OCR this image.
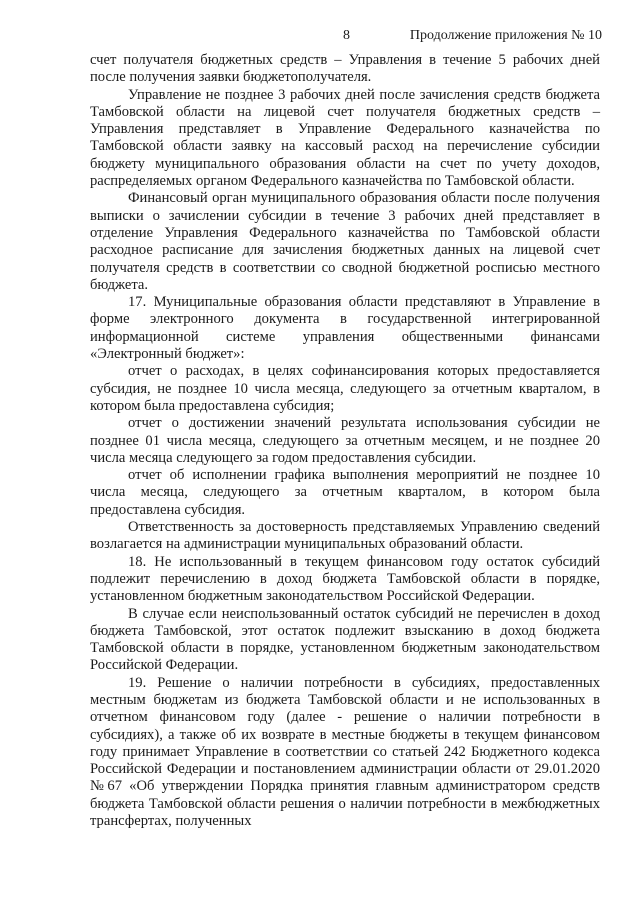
8	Продолжение приложения № 10

счет получателя бюджетных средств – Управления в течение 5 рабочих дней после получения заявки бюджетополучателя.

Управление не позднее 3 рабочих дней после зачисления средств бюджета Тамбовской области на лицевой счет получателя бюджетных средств – Управления представляет в Управление Федерального казначейства по Тамбовской области заявку на кассовый расход на перечисление субсидии бюджету муниципального образования области на счет по учету доходов, распределяемых органом Федерального казначейства по Тамбовской области.

Финансовый орган муниципального образования области после получения выписки о зачислении субсидии в течение 3 рабочих дней представляет в отделение Управления Федерального казначейства по Тамбовской области расходное расписание для зачисления бюджетных данных на лицевой счет получателя средств в соответствии со сводной бюджетной росписью местного бюджета.

17. Муниципальные образования области представляют в Управление в форме электронного документа в государственной интегрированной информационной системе управления общественными финансами «Электронный бюджет»:

отчет о расходах, в целях софинансирования которых предоставляется субсидия, не позднее 10 числа месяца, следующего за отчетным кварталом, в котором была предоставлена субсидия;

отчет о достижении значений результата использования субсидии не позднее 01 числа месяца, следующего за отчетным месяцем, и не позднее 20 числа месяца следующего за годом предоставления субсидии.

отчет об исполнении графика выполнения мероприятий не позднее 10 числа месяца, следующего за отчетным кварталом, в котором была предоставлена субсидия.

Ответственность за достоверность представляемых Управлению сведений возлагается на администрации муниципальных образований области.

18. Не использованный в текущем финансовом году остаток субсидий подлежит перечислению в доход бюджета Тамбовской области в порядке, установленном бюджетным законодательством Российской Федерации.

В случае если неиспользованный остаток субсидий не перечислен в доход бюджета Тамбовской, этот остаток подлежит взысканию в доход бюджета Тамбовской области в порядке, установленном бюджетным законодательством Российской Федерации.

19. Решение о наличии потребности в субсидиях, предоставленных местным бюджетам из бюджета Тамбовской области и не использованных в отчетном финансовом году (далее - решение о наличии потребности в субсидиях), а также об их возврате в местные бюджеты в текущем финансовом году принимает Управление в соответствии со статьей 242 Бюджетного кодекса Российской Федерации и постановлением администрации области от 29.01.2020 №67 «Об утверждении Порядка принятия главным администратором средств бюджета Тамбовской области решения о наличии потребности в межбюджетных трансфертах, полученных
